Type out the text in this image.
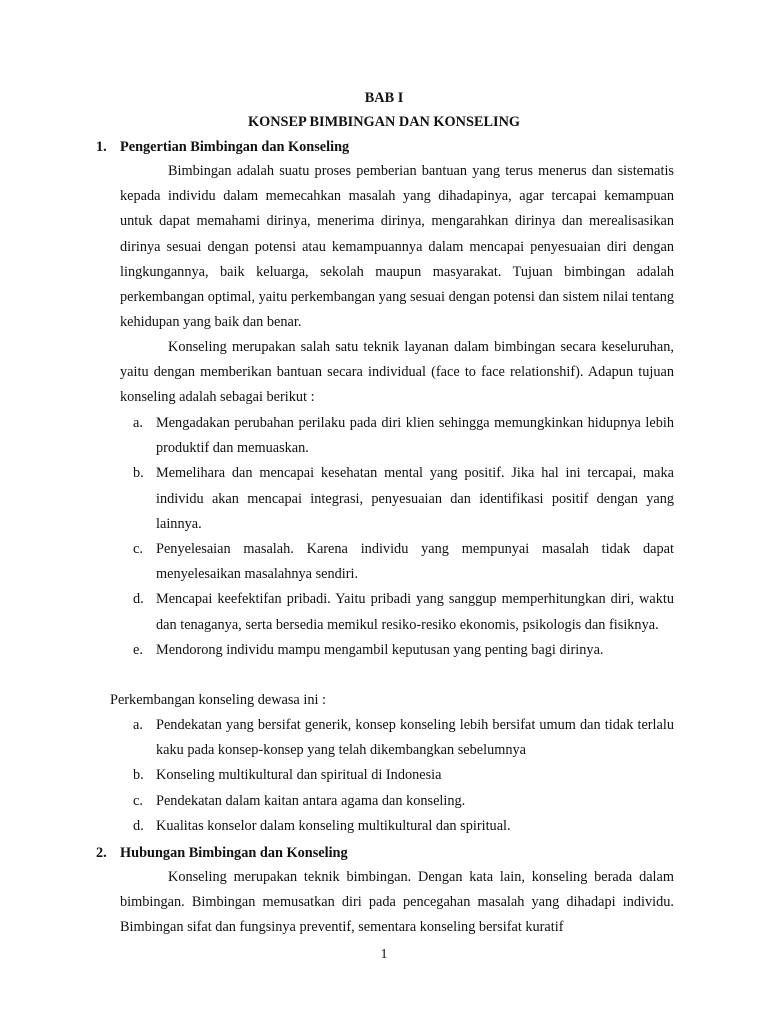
BAB I
KONSEP BIMBINGAN DAN KONSELING
1. Pengertian Bimbingan dan Konseling
Bimbingan adalah suatu proses pemberian bantuan yang terus menerus dan sistematis kepada individu dalam memecahkan masalah yang dihadapinya, agar tercapai kemampuan untuk dapat memahami dirinya, menerima dirinya, mengarahkan dirinya dan merealisasikan dirinya sesuai dengan potensi atau kemampuannya dalam mencapai penyesuaian diri dengan lingkungannya, baik keluarga, sekolah maupun masyarakat. Tujuan bimbingan adalah perkembangan optimal, yaitu perkembangan yang sesuai dengan potensi dan sistem nilai tentang kehidupan yang baik dan benar.
Konseling merupakan salah satu teknik layanan dalam bimbingan secara keseluruhan, yaitu dengan memberikan bantuan secara individual (face to face relationshif). Adapun tujuan konseling adalah sebagai berikut :
a. Mengadakan perubahan perilaku pada diri klien sehingga memungkinkan hidupnya lebih produktif dan memuaskan.
b. Memelihara dan mencapai kesehatan mental yang positif. Jika hal ini tercapai, maka individu akan mencapai integrasi, penyesuaian dan identifikasi positif dengan yang lainnya.
c. Penyelesaian masalah. Karena individu yang mempunyai masalah tidak dapat menyelesaikan masalahnya sendiri.
d. Mencapai keefektifan pribadi. Yaitu pribadi yang sanggup memperhitungkan diri, waktu dan tenaganya, serta bersedia memikul resiko-resiko ekonomis, psikologis dan fisiknya.
e. Mendorong individu mampu mengambil keputusan yang penting bagi dirinya.
Perkembangan konseling dewasa ini :
a. Pendekatan yang bersifat generik, konsep konseling lebih bersifat umum dan tidak terlalu kaku pada konsep-konsep yang telah dikembangkan sebelumnya
b. Konseling multikultural dan spiritual di Indonesia
c. Pendekatan dalam kaitan antara agama dan konseling.
d. Kualitas konselor dalam konseling multikultural dan spiritual.
2. Hubungan Bimbingan dan Konseling
Konseling merupakan teknik bimbingan. Dengan kata lain, konseling berada dalam bimbingan. Bimbingan memusatkan diri pada pencegahan masalah yang dihadapi individu. Bimbingan sifat dan fungsinya preventif, sementara konseling bersifat kuratif
1
